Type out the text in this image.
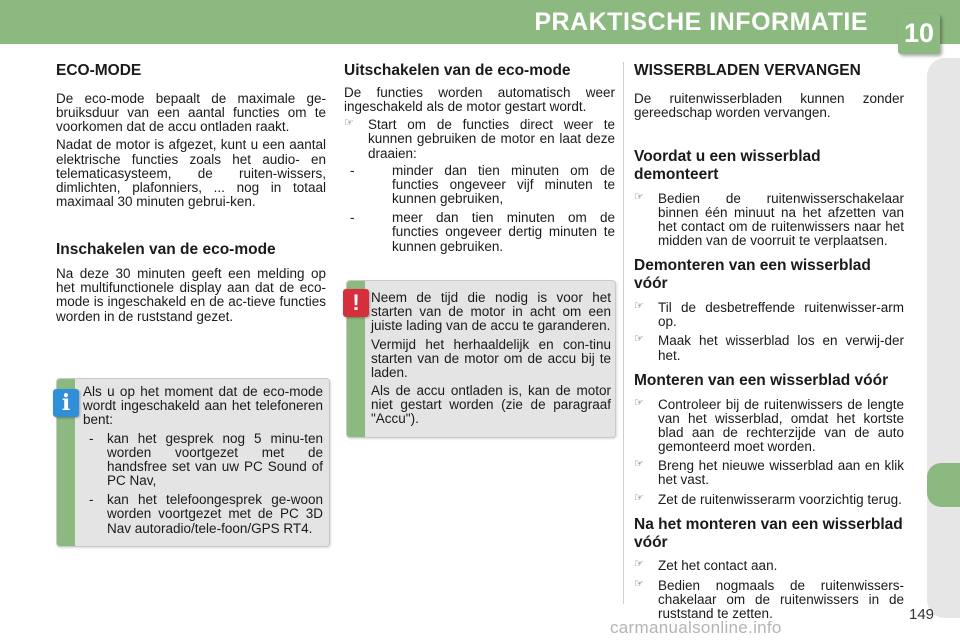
PRAKTISCHE INFORMATIE 10
ECO-MODE

De eco-mode bepaalt de maximale ge-bruiksduur van een aantal functies om te voorkomen dat de accu ontladen raakt.

Nadat de motor is afgezet, kunt u een aantal elektrische functies zoals het audio- en telematicasysteem, de ruiten-wissers, dimlichten, plafonniers, ... nog in totaal maximaal 30 minuten gebrui-ken.

Inschakelen van de eco-mode

Na deze 30 minuten geeft een melding op het multifunctionele display aan dat de eco-mode is ingeschakeld en de ac-tieve functies worden in de ruststand gezet.

i Als u op het moment dat de eco-mode wordt ingeschakeld aan het telefoneren bent:

- kan het gesprek nog 5 minu-ten worden voortgezet met de handsfree set van uw PC Sound of PC Nav,
- kan het telefoongesprek ge-woon worden voortgezet met de PC 3D Nav autoradio/tele-foon/GPS RT4.
Uitschakelen van de eco-mode

De functies worden automatisch weer ingeschakeld als de motor gestart wordt.

☞ Start om de functies direct weer te kunnen gebruiken de motor en laat deze draaien:
-	minder dan tien minuten om de functies ongeveer vijf minuten te kunnen gebruiken,
-	meer dan tien minuten om de functies ongeveer dertig minuten te kunnen gebruiken.
! Neem de tijd die nodig is voor het starten van de motor in acht om een juiste lading van de accu te garanderen.

Vermijd het herhaaldelijk en con-tinu starten van de motor om de accu bij te laden.

Als de accu ontladen is, kan de motor niet gestart worden (zie de paragraaf "Accu").

WISSERBLADEN VERVANGEN

De ruitenwisserbladen kunnen zonder gereedschap worden vervangen.

Voordat u een wisserblad demonteert
☞ Bedien de ruitenwisserschakelaar binnen één minuut na het afzetten van het contact om de ruitenwissers naar het midden van de voorruit te verplaatsen.
Demonteren van een wisserblad vóór
☞ Til de desbetreffende ruitenwisser-arm op.
☞ Maak het wisserblad los en verwij-der het.
Monteren van een wisserblad vóór
☞ Controleer bij de ruitenwissers de lengte van het wisserblad, omdat het kortste blad aan de rechterzijde van de auto gemonteerd moet worden.
☞ Breng het nieuwe wisserblad aan en klik het vast.
☞ Zet de ruitenwisserarm voorzichtig terug.
Na het monteren van een wisserblad vóór
☞ Zet het contact aan.
☞ Bedien nogmaals de ruitenwissers-chakelaar om de ruitenwissers in de ruststand te zetten.	149
carmanualsonline.info
